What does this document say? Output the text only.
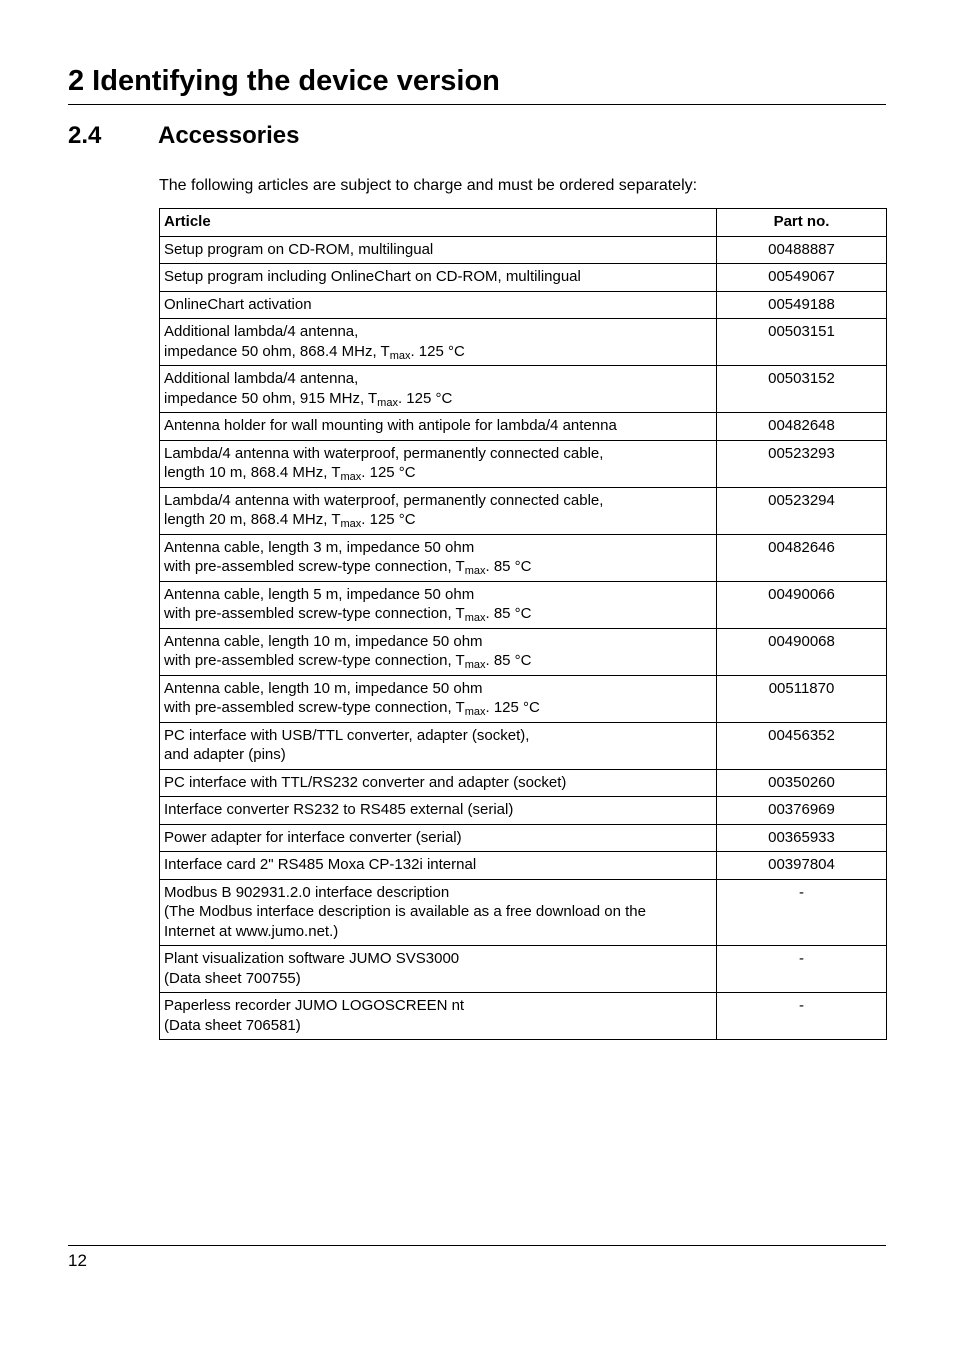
2 Identifying the device version
2.4 Accessories

The following articles are subject to charge and must be ordered separately:

Article	Part no.

Setup program on CD-ROM, multilingual	00488887

Setup program including OnlineChart on CD-ROM, multilingual	00549067

OnlineChart activation	00549188

Additional lambda/4 antenna,
impedance 50 ohm, 868.4 MHz, $T_{max}$. 125 °C	00503151

Additional lambda/4 antenna,
impedance 50 ohm, 915 MHz, $T_{max}$. 125 °C	00503152

Antenna holder for wall mounting with antipole for lambda/4 antenna	00482648

Lambda/4 antenna with waterproof, permanently connected cable,
length 10 m, 868.4 MHz, $T_{max}$. 125 °C	00523293

Lambda/4 antenna with waterproof, permanently connected cable,
length 20 m, 868.4 MHz, $T_{max}$. 125 °C	00523294

Antenna cable, length 3 m, impedance 50 ohm
with pre-assembled screw-type connection, $T_{max}$. 85 °C	00482646

Antenna cable, length 5 m, impedance 50 ohm
with pre-assembled screw-type connection, $T_{max}$. 85 °C	00490066

Antenna cable, length 10 m, impedance 50 ohm
with pre-assembled screw-type connection, $T_{max}$. 85 °C	00490068

Antenna cable, length 10 m, impedance 50 ohm
with pre-assembled screw-type connection, $T_{max}$. 125 °C	00511870

PC interface with USB/TTL converter, adapter (socket),
and adapter (pins)	00456352

PC interface with TTL/RS232 converter and adapter (socket)	00350260

Interface converter RS232 to RS485 external (serial)	00376969

Power adapter for interface converter (serial)	00365933

Interface card 2" RS485 Moxa CP-132i internal	00397804

Modbus B 902931.2.0 interface description
(The Modbus interface description is available as a free download on the
Internet at www.jumo.net.)	-

Plant visualization software JUMO SVS3000
(Data sheet 700755)	-

Paperless recorder JUMO LOGOSCREEN nt
(Data sheet 706581)	-
12
